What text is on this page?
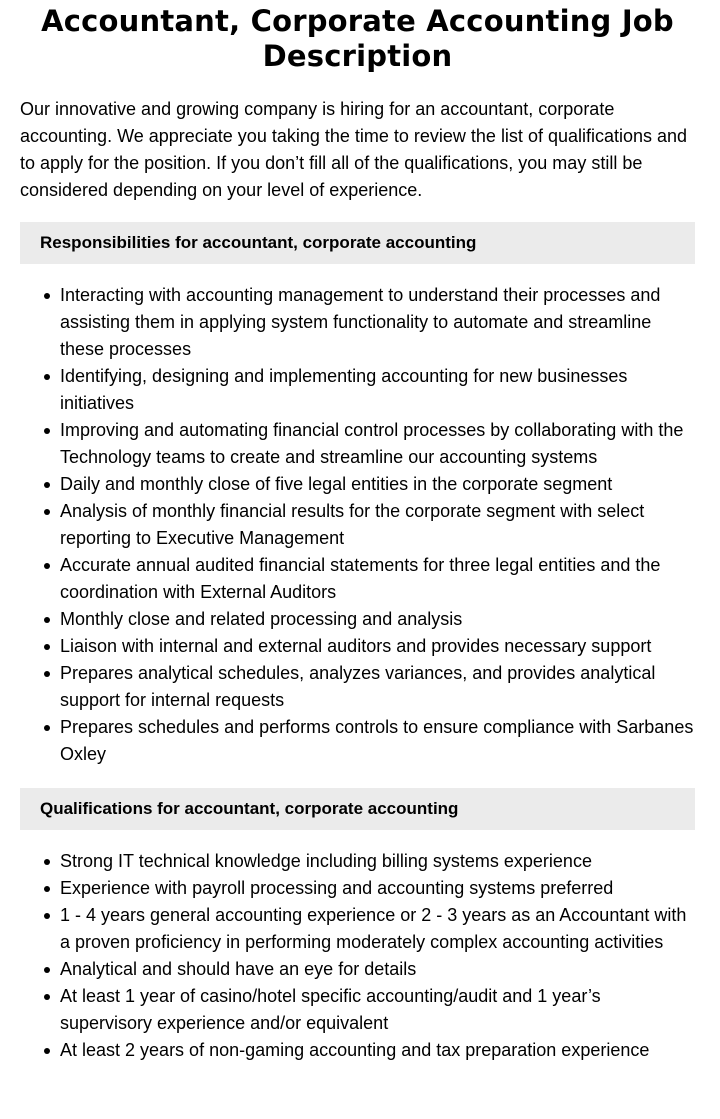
Accountant, Corporate Accounting Job Description

Our innovative and growing company is hiring for an accountant, corporate accounting. We appreciate you taking the time to review the list of qualifications and to apply for the position. If you don’t fill all of the qualifications, you may still be considered depending on your level of experience.

Responsibilities for accountant, corporate accounting
Interacting with accounting management to understand their processes and assisting them in applying system functionality to automate and streamline these processes
Identifying, designing and implementing accounting for new businesses initiatives
Improving and automating financial control processes by collaborating with the Technology teams to create and streamline our accounting systems
Daily and monthly close of five legal entities in the corporate segment
Analysis of monthly financial results for the corporate segment with select reporting to Executive Management
Accurate annual audited financial statements for three legal entities and the coordination with External Auditors
Monthly close and related processing and analysis
Liaison with internal and external auditors and provides necessary support
Prepares analytical schedules, analyzes variances, and provides analytical support for internal requests
Prepares schedules and performs controls to ensure compliance with Sarbanes Oxley
Qualifications for accountant, corporate accounting
Strong IT technical knowledge including billing systems experience
Experience with payroll processing and accounting systems preferred
1 - 4 years general accounting experience or 2 - 3 years as an Accountant with a proven proficiency in performing moderately complex accounting activities
Analytical and should have an eye for details
At least 1 year of casino/hotel specific accounting/audit and 1 year’s supervisory experience and/or equivalent
At least 2 years of non-gaming accounting and tax preparation experience
